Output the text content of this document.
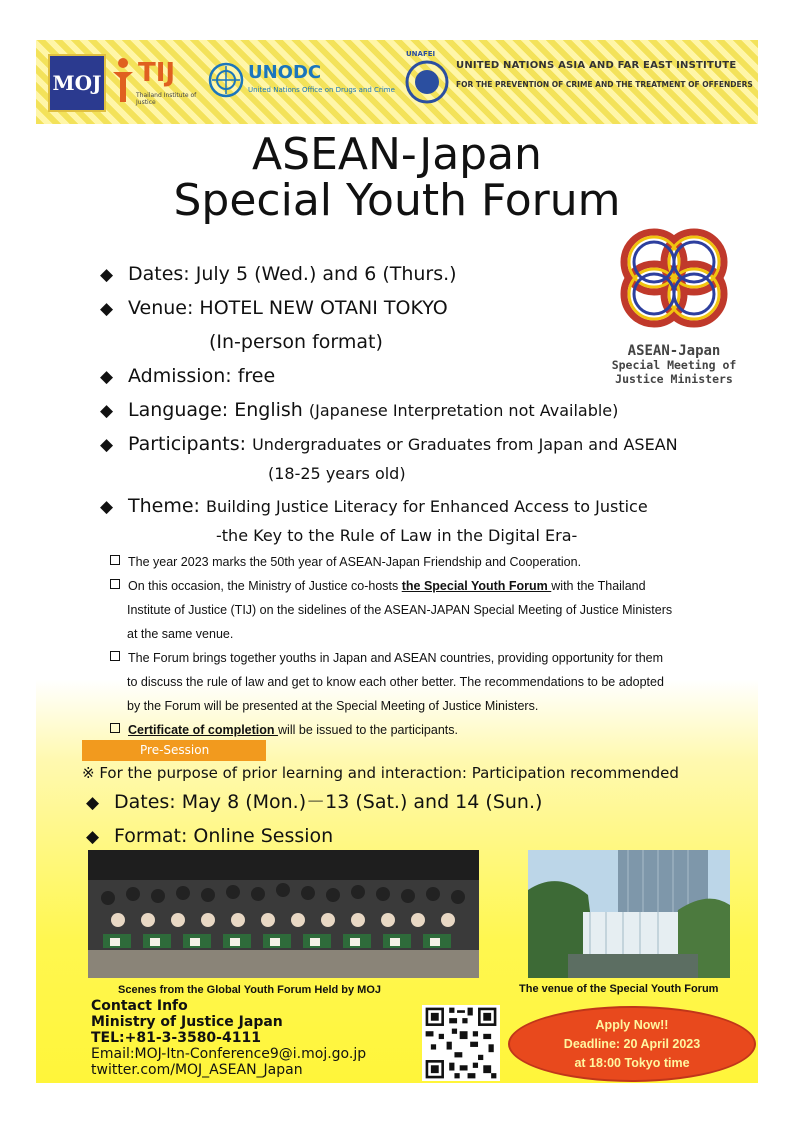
MOJ TIJ
Thailand Institute of Justice
UNODC
United Nations Office on Drugs and Crime
UNAFEI
UNITED NATIONS ASIA AND FAR EAST INSTITUTE
FOR THE PREVENTION OF CRIME AND THE TREATMENT OF OFFENDERS
ASEAN-Japan
Special Youth Forum
ASEAN-Japan
Special Meeting of
Justice Ministers
◆ Dates: July 5 (Wed.) and 6 (Thurs.)
◆ Venue: HOTEL NEW OTANI TOKYO
(In-person format)
◆ Admission: free
◆ Language: English (Japanese Interpretation not Available)
◆ Participants: Undergraduates or Graduates from Japan and ASEAN
(18-25 years old)
◆ Theme: Building Justice Literacy for Enhanced Access to Justice
-the Key to the Rule of Law in the Digital Era-
The year 2023 marks the 50th year of ASEAN-Japan Friendship and Cooperation.
On this occasion, the Ministry of Justice co-hosts the Special Youth Forum with the Thailand
Institute of Justice (TIJ) on the sidelines of the ASEAN-JAPAN Special Meeting of Justice Ministers
at the same venue.
The Forum brings together youths in Japan and ASEAN countries, providing opportunity for them
to discuss the rule of law and get to know each other better. The recommendations to be adopted
by the Forum will be presented at the Special Meeting of Justice Ministers.
Certificate of completion will be issued to the participants.
Pre-Session
※ For the purpose of prior learning and interaction: Participation recommended
◆ Dates: May 8 (Mon.)－13 (Sat.) and 14 (Sun.)
◆ Format: Online Session
Scenes from the Global Youth Forum Held by MOJ	The venue of the Special Youth Forum
Contact Info
Ministry of Justice Japan
TEL:+81-3-3580-4111
Email:MOJ-Itn-Conference9@i.moj.go.jp
twitter.com/MOJ_ASEAN_Japan
Apply Now!!
Deadline: 20 April 2023
at 18:00 Tokyo time
